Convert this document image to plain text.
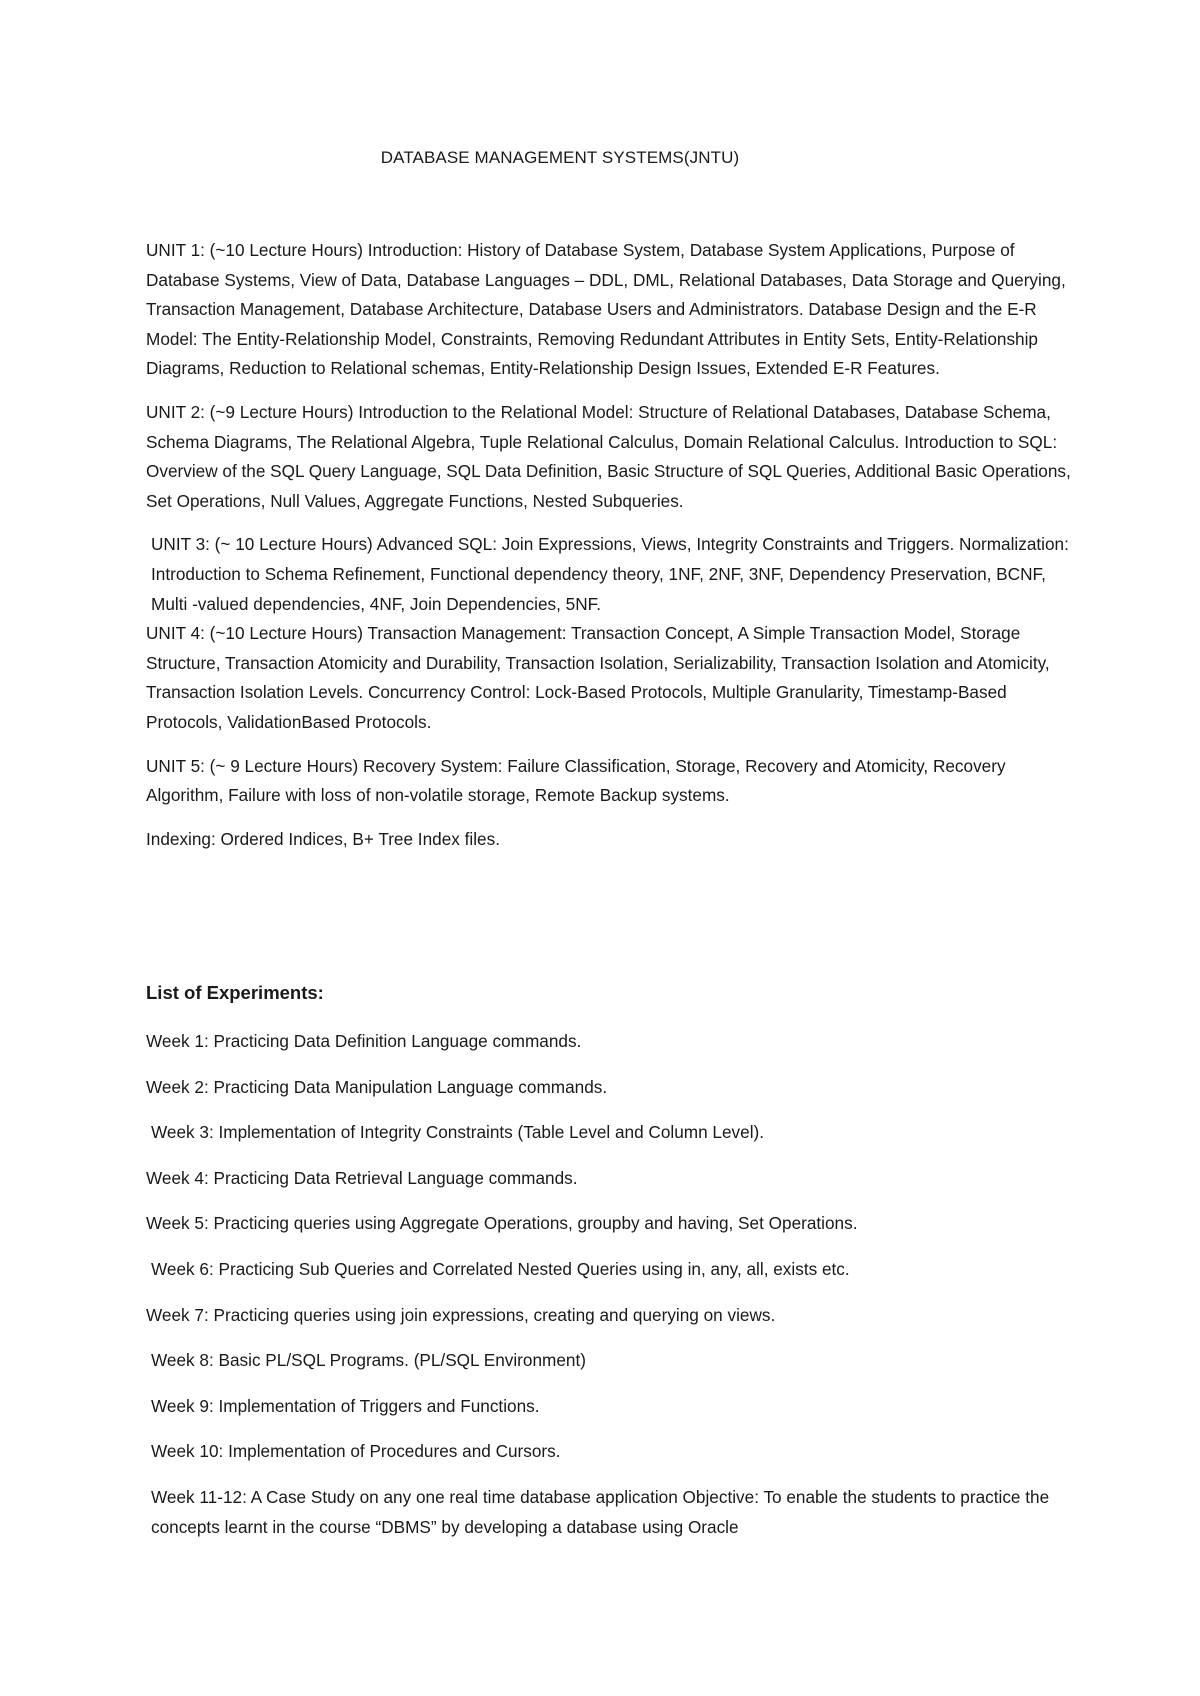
DATABASE MANAGEMENT SYSTEMS(JNTU)

UNIT 1: (~10 Lecture Hours) Introduction: History of Database System, Database System Applications, Purpose of Database Systems, View of Data, Database Languages – DDL, DML, Relational Databases, Data Storage and Querying, Transaction Management, Database Architecture, Database Users and Administrators. Database Design and the E-R Model: The Entity-Relationship Model, Constraints, Removing Redundant Attributes in Entity Sets, Entity-Relationship Diagrams, Reduction to Relational schemas, Entity-Relationship Design Issues, Extended E-R Features.

UNIT 2: (~9 Lecture Hours) Introduction to the Relational Model: Structure of Relational Databases, Database Schema, Schema Diagrams, The Relational Algebra, Tuple Relational Calculus, Domain Relational Calculus. Introduction to SQL: Overview of the SQL Query Language, SQL Data Definition, Basic Structure of SQL Queries, Additional Basic Operations, Set Operations, Null Values, Aggregate Functions, Nested Subqueries.

UNIT 3: (~ 10 Lecture Hours) Advanced SQL: Join Expressions, Views, Integrity Constraints and Triggers. Normalization: Introduction to Schema Refinement, Functional dependency theory, 1NF, 2NF, 3NF, Dependency Preservation, BCNF, Multi -valued dependencies, 4NF, Join Dependencies, 5NF.

UNIT 4: (~10 Lecture Hours) Transaction Management: Transaction Concept, A Simple Transaction Model, Storage Structure, Transaction Atomicity and Durability, Transaction Isolation, Serializability, Transaction Isolation and Atomicity, Transaction Isolation Levels. Concurrency Control: Lock-Based Protocols, Multiple Granularity, Timestamp-Based Protocols, ValidationBased Protocols.

UNIT 5: (~ 9 Lecture Hours) Recovery System: Failure Classification, Storage, Recovery and Atomicity, Recovery Algorithm, Failure with loss of non-volatile storage, Remote Backup systems.

Indexing: Ordered Indices, B+ Tree Index files.

List of Experiments:

Week 1: Practicing Data Definition Language commands.

Week 2: Practicing Data Manipulation Language commands.

Week 3: Implementation of Integrity Constraints (Table Level and Column Level).

Week 4: Practicing Data Retrieval Language commands.

Week 5: Practicing queries using Aggregate Operations, groupby and having, Set Operations.

Week 6: Practicing Sub Queries and Correlated Nested Queries using in, any, all, exists etc.

Week 7: Practicing queries using join expressions, creating and querying on views.

Week 8: Basic PL/SQL Programs. (PL/SQL Environment)

Week 9: Implementation of Triggers and Functions.

Week 10: Implementation of Procedures and Cursors.

Week 11-12: A Case Study on any one real time database application Objective: To enable the students to practice the concepts learnt in the course “DBMS” by developing a database using Oracle
